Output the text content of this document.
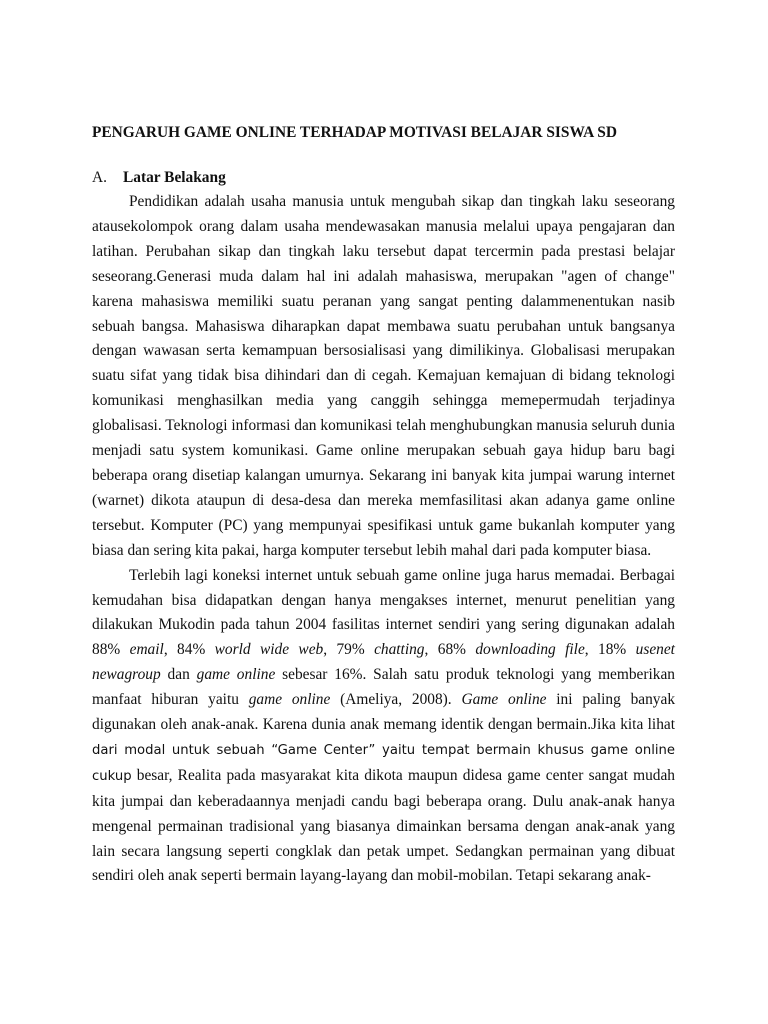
PENGARUH GAME ONLINE TERHADAP MOTIVASI BELAJAR SISWA SD

A. Latar Belakang

Pendidikan adalah usaha manusia untuk mengubah sikap dan tingkah laku seseorang atausekolompok orang dalam usaha mendewasakan manusia melalui upaya pengajaran dan latihan. Perubahan sikap dan tingkah laku tersebut dapat tercermin pada prestasi belajar seseorang.Generasi muda dalam hal ini adalah mahasiswa, merupakan "agen of change" karena mahasiswa memiliki suatu peranan yang sangat penting dalammenentukan nasib sebuah bangsa. Mahasiswa diharapkan dapat membawa suatu perubahan untuk bangsanya dengan wawasan serta kemampuan bersosialisasi yang dimilikinya. Globalisasi merupakan suatu sifat yang tidak bisa dihindari dan di cegah. Kemajuan kemajuan di bidang teknologi komunikasi menghasilkan media yang canggih sehingga memepermudah terjadinya globalisasi. Teknologi informasi dan komunikasi telah menghubungkan manusia seluruh dunia menjadi satu system komunikasi. Game online merupakan sebuah gaya hidup baru bagi beberapa orang disetiap kalangan umurnya. Sekarang ini banyak kita jumpai warung internet (warnet) dikota ataupun di desa-desa dan mereka memfasilitasi akan adanya game online tersebut. Komputer (PC) yang mempunyai spesifikasi untuk game bukanlah komputer yang biasa dan sering kita pakai, harga komputer tersebut lebih mahal dari pada komputer biasa.

Terlebih lagi koneksi internet untuk sebuah game online juga harus memadai. Berbagai kemudahan bisa didapatkan dengan hanya mengakses internet, menurut penelitian yang dilakukan Mukodin pada tahun 2004 fasilitas internet sendiri yang sering digunakan adalah 88% email, 84% world wide web, 79% chatting, 68% downloading file, 18% usenet newagroup dan game online sebesar 16%. Salah satu produk teknologi yang memberikan manfaat hiburan yaitu game online (Ameliya, 2008). Game online ini paling banyak digunakan oleh anak-anak. Karena dunia anak memang identik dengan bermain.Jika kita lihat dari modal untuk sebuah “Game Center” yaitu tempat bermain khusus game online cukup besar, Realita pada masyarakat kita dikota maupun didesa game center sangat mudah kita jumpai dan keberadaannya menjadi candu bagi beberapa orang. Dulu anak-anak hanya mengenal permainan tradisional yang biasanya dimainkan bersama dengan anak-anak yang lain secara langsung seperti congklak dan petak umpet. Sedangkan permainan yang dibuat sendiri oleh anak seperti bermain layang-layang dan mobil-mobilan. Tetapi sekarang anak-
